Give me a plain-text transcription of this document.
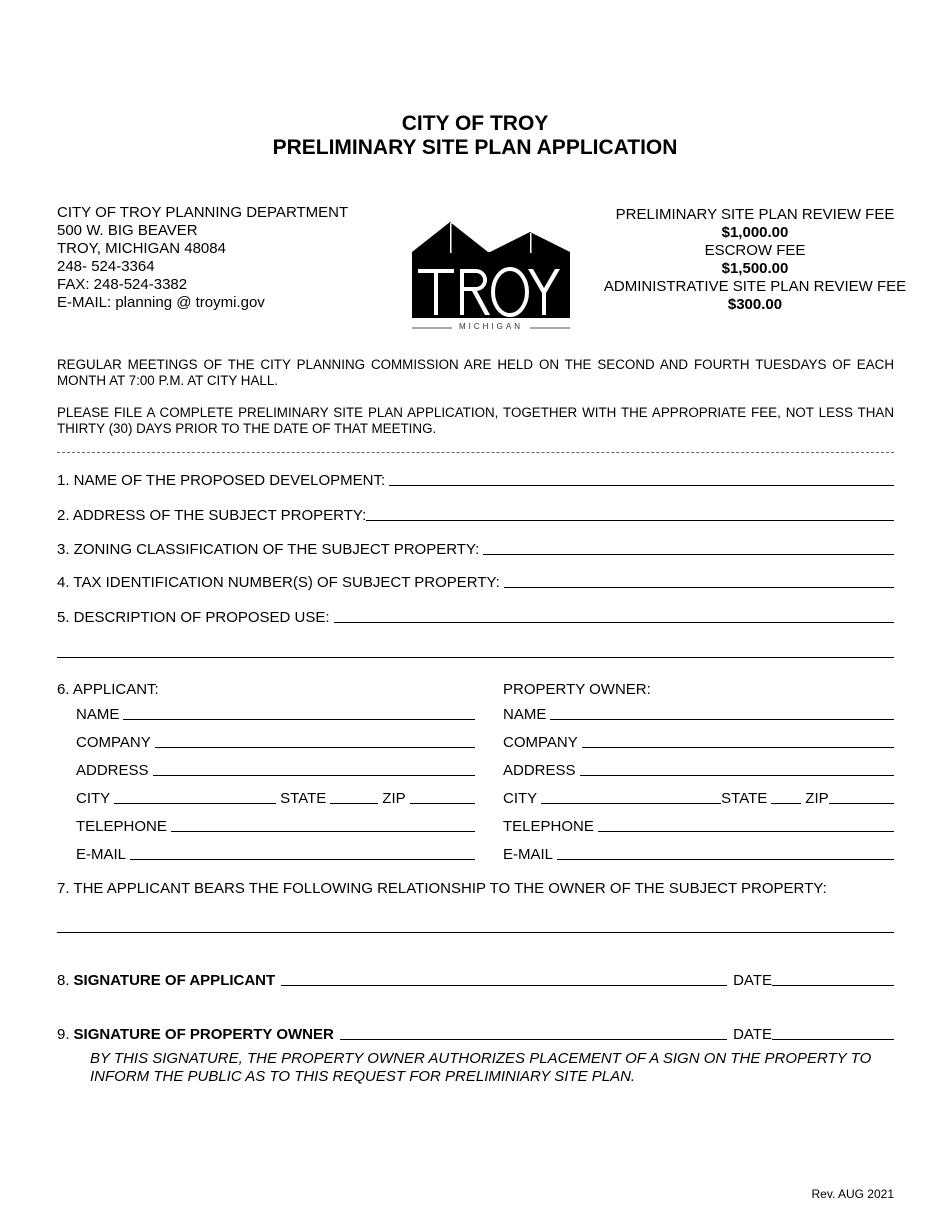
CITY OF TROY
PRELIMINARY SITE PLAN APPLICATION
CITY OF TROY PLANNING DEPARTMENT
500 W. BIG BEAVER
TROY, MICHIGAN 48084
248- 524-3364
FAX: 248-524-3382
E-MAIL: planning @ troymi.gov
MICHIGAN
PRELIMINARY SITE PLAN REVIEW FEE
$1,000.00
ESCROW FEE
$1,500.00
ADMINISTRATIVE SITE PLAN REVIEW FEE
$300.00
REGULAR MEETINGS OF THE CITY PLANNING COMMISSION ARE HELD ON THE SECOND AND FOURTH TUESDAYS OF EACH MONTH AT 7:00 P.M. AT CITY HALL.
PLEASE FILE A COMPLETE PRELIMINARY SITE PLAN APPLICATION, TOGETHER WITH THE APPROPRIATE FEE, NOT LESS THAN THIRTY (30) DAYS PRIOR TO THE DATE OF THAT MEETING.
1. NAME OF THE PROPOSED DEVELOPMENT:
2. ADDRESS OF THE SUBJECT PROPERTY:
3. ZONING CLASSIFICATION OF THE SUBJECT PROPERTY:
4. TAX IDENTIFICATION NUMBER(S) OF SUBJECT PROPERTY:
5. DESCRIPTION OF PROPOSED USE:
6. APPLICANT:
NAME
COMPANY
ADDRESS
CITY	STATE	ZIP
TELEPHONE
E-MAIL
PROPERTY OWNER:
NAME
COMPANY
ADDRESS
CITY	STATE	ZIP
TELEPHONE
E-MAIL
7. THE APPLICANT BEARS THE FOLLOWING RELATIONSHIP TO THE OWNER OF THE SUBJECT PROPERTY:
8. SIGNATURE OF APPLICANT	DATE
9. SIGNATURE OF PROPERTY OWNER	DATE
BY THIS SIGNATURE, THE PROPERTY OWNER AUTHORIZES PLACEMENT OF A SIGN ON THE PROPERTY TO INFORM THE PUBLIC AS TO THIS REQUEST FOR PRELIMINIARY SITE PLAN.
Rev. AUG 2021
